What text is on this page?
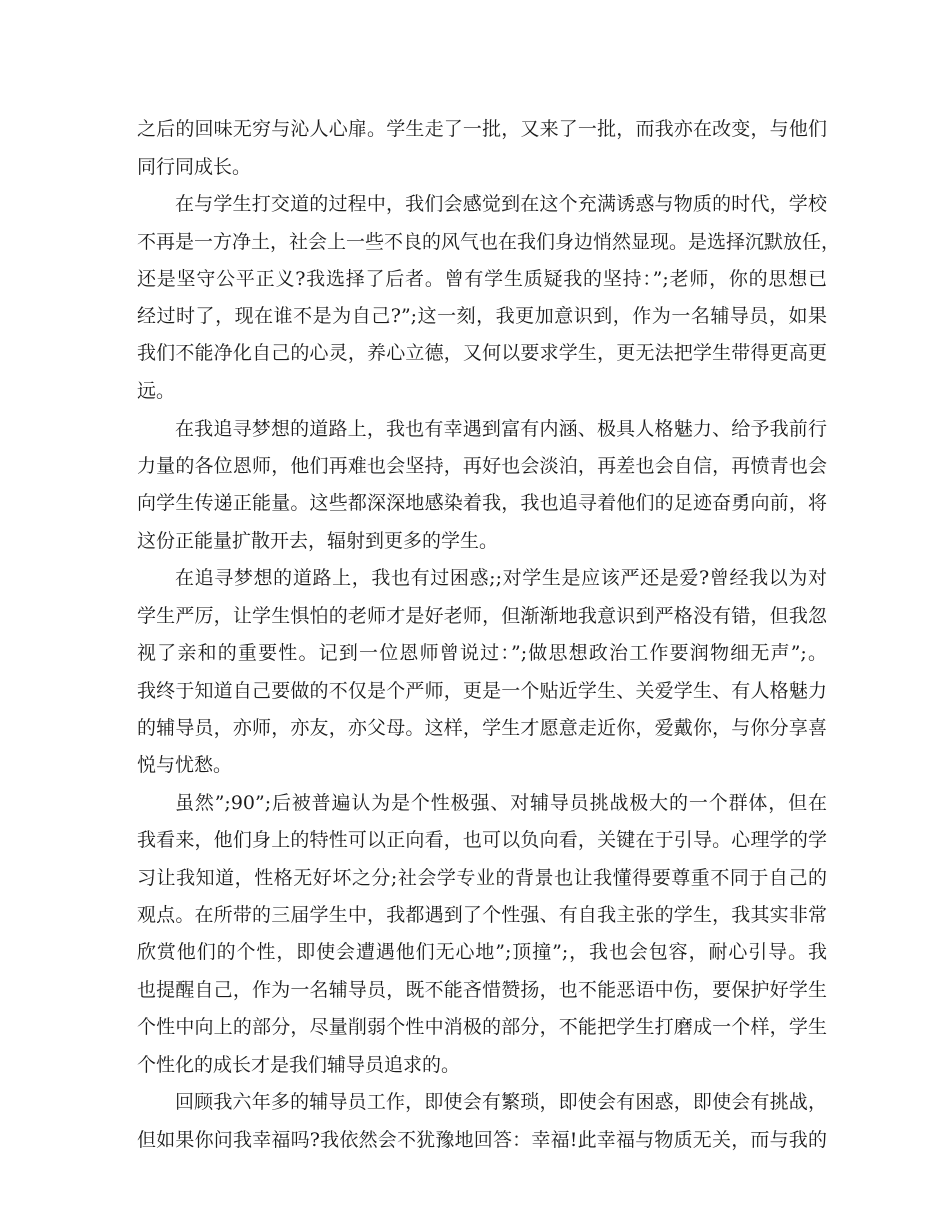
之后的回味无穷与沁人心扉。学生走了一批，又来了一批，而我亦在改变，与他们
同行同成长。
在与学生打交道的过程中，我们会感觉到在这个充满诱惑与物质的时代，学校
不再是一方净土，社会上一些不良的风气也在我们身边悄然显现。是选择沉默放任，
还是坚守公平正义?我选择了后者。曾有学生质疑我的坚持：”;老师，你的思想已
经过时了，现在谁不是为自己?”;这一刻，我更加意识到，作为一名辅导员，如果
我们不能净化自己的心灵，养心立德，又何以要求学生，更无法把学生带得更高更
远。
在我追寻梦想的道路上，我也有幸遇到富有内涵、极具人格魅力、给予我前行
力量的各位恩师，他们再难也会坚持，再好也会淡泊，再差也会自信，再愤青也会
向学生传递正能量。这些都深深地感染着我，我也追寻着他们的足迹奋勇向前，将
这份正能量扩散开去，辐射到更多的学生。
在追寻梦想的道路上，我也有过困惑;;对学生是应该严还是爱?曾经我以为对
学生严厉，让学生惧怕的老师才是好老师，但渐渐地我意识到严格没有错，但我忽
视了亲和的重要性。记到一位恩师曾说过：”;做思想政治工作要润物细无声”;。
我终于知道自己要做的不仅是个严师，更是一个贴近学生、关爱学生、有人格魅力
的辅导员，亦师，亦友，亦父母。这样，学生才愿意走近你，爱戴你，与你分享喜
悦与忧愁。
虽然”;90”;后被普遍认为是个性极强、对辅导员挑战极大的一个群体，但在
我看来，他们身上的特性可以正向看，也可以负向看，关键在于引导。心理学的学
习让我知道，性格无好坏之分;社会学专业的背景也让我懂得要尊重不同于自己的
观点。在所带的三届学生中，我都遇到了个性强、有自我主张的学生，我其实非常
欣赏他们的个性，即使会遭遇他们无心地”;顶撞”;，我也会包容，耐心引导。我
也提醒自己，作为一名辅导员，既不能吝惜赞扬，也不能恶语中伤，要保护好学生
个性中向上的部分，尽量削弱个性中消极的部分，不能把学生打磨成一个样，学生
个性化的成长才是我们辅导员追求的。
回顾我六年多的辅导员工作，即使会有繁琐，即使会有困惑，即使会有挑战，
但如果你问我幸福吗?我依然会不犹豫地回答：幸福!此幸福与物质无关，而与我的
